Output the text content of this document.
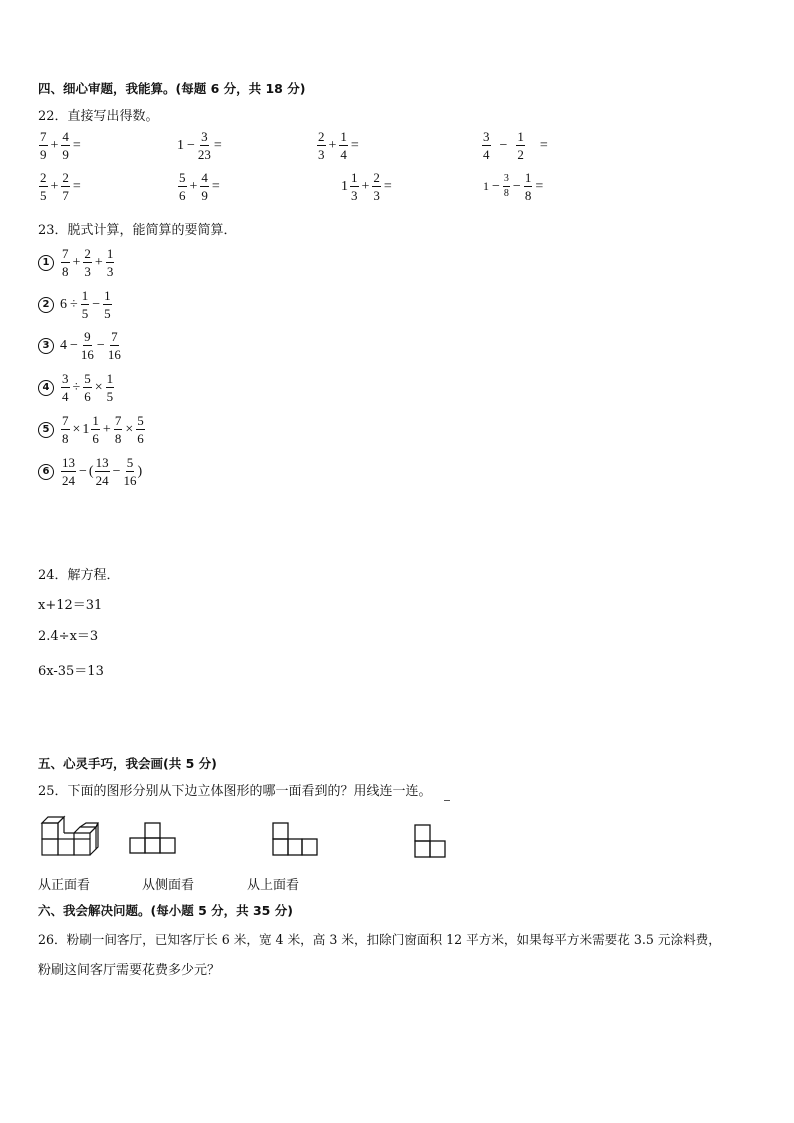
四、细心审题，我能算。(每题 6 分，共 18 分)
22．直接写出得数。
$\frac{7}{9} + \frac{4}{9}$ =	$1 - \frac{3}{23}$ =	$\frac{2}{3} + \frac{1}{4}$ =	$\frac{3}{4} - \frac{1}{2}$ =
$\frac{2}{5} + \frac{2}{7}$ =	$\frac{5}{6} + \frac{4}{9}$ =	$1 \frac{1}{3} + \frac{2}{3}$ =	$1 - \frac{3}{8} - \frac{1}{8}$ =
23．脱式计算，能简算的要简算．
$1 \frac{7}{8} + \frac{2}{3} + \frac{1}{3}$
2 $6 \div \frac{1}{5} - \frac{1}{5}$
3 $4 - \frac{9}{16} - \frac{7}{16}$
$4 \frac{3}{4} \div \frac{5}{6} \times \frac{1}{5}$
$5 \frac{7}{8} \times 1 \frac{1}{6} + \frac{7}{8} \times \frac{5}{6}$
$6 \frac{13}{24}$ − ( $\frac{13}{24} - \frac{5}{16}$ )
24．解方程．
x+12＝31
2.4÷x＝3
6x-35＝13
五、心灵手巧，我会画(共 5 分)
25．下面的图形分别从下边立体图形的哪一面看到的？用线连一连。
从正面看	从侧面看	从上面看
六、我会解决问题。(每小题 5 分，共 35 分)
26．粉刷一间客厅，已知客厅长 6 米，宽 4 米，高 3 米，扣除门窗面积 12 平方米，如果每平方米需要花 3.5 元涂料费，
粉刷这间客厅需要花费多少元？
